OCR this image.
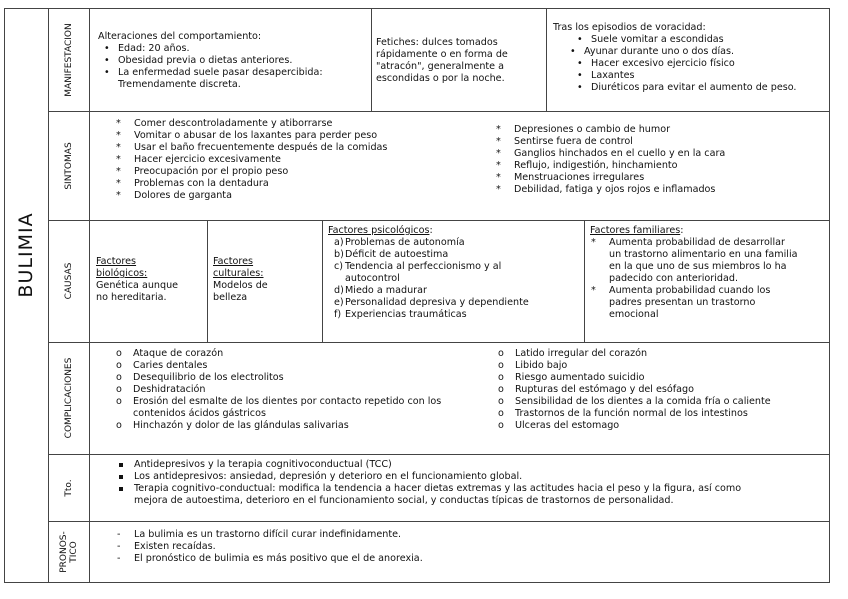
BULIMIA
MANIFESTACION
SINTOMAS
CAUSAS
COMPLICACIONES
Tto.
PRONOS- TICO
Alteraciones del comportamiento:
• Edad: 20 años.
• Obesidad previa o dietas anteriores.
• La enfermedad suele pasar desapercibida:
Tremendamente discreta.
Fetiches: dulces tomados
rápidamente o en forma de
"atracón", generalmente a
escondidas o por la noche.
Tras los episodios de voracidad:
• Suele vomitar a escondidas
• Ayunar durante uno o dos días.
• Hacer excesivo ejercicio físico
• Laxantes
• Diuréticos para evitar el aumento de peso.
* Comer descontroladamente y atiborrarse
* Vomitar o abusar de los laxantes para perder peso
* Usar el baño frecuentemente después de la comidas
* Hacer ejercicio excesivamente
* Preocupación por el propio peso
* Problemas con la dentadura
* Dolores de garganta
* Depresiones o cambio de humor
* Sentirse fuera de control
* Ganglios hinchados en el cuello y en la cara
* Reflujo, indigestión, hinchamiento
* Menstruaciones irregulares
* Debilidad, fatiga y ojos rojos e inflamados
Factores
biológicos:
Genética aunque
no hereditaria.
Factores
culturales:
Modelos de
belleza
Factores psicológicos:
a) Problemas de autonomía
b) Déficit de autoestima
c) Tendencia al perfeccionismo y al
autocontrol
d) Miedo a madurar
e) Personalidad depresiva y dependiente
f) Experiencias traumáticas
Factores familiares:
* Aumenta probabilidad de desarrollar
un trastorno alimentario en una familia
en la que uno de sus miembros lo ha
padecido con anterioridad.
* Aumenta probabilidad cuando los
padres presentan un trastorno
emocional
o Ataque de corazón
o Caries dentales
o Desequilibrio de los electrolitos
o Deshidratación
o Erosión del esmalte de los dientes por contacto repetido con los
contenidos ácidos gástricos
o Hinchazón y dolor de las glándulas salivarias
o Latido irregular del corazón
o Libido bajo
o Riesgo aumentado suicidio
o Rupturas del estómago y del esófago
o Sensibilidad de los dientes a la comida fría o caliente
o Trastornos de la función normal de los intestinos
o Ulceras del estomago
Antidepresivos y la terapia cognitivoconductual (TCC)
Los antidepresivos: ansiedad, depresión y deterioro en el funcionamiento global.
Terapia cognitivo-conductual: modifica la tendencia a hacer dietas extremas y las actitudes hacia el peso y la figura, así como
mejora de autoestima, deterioro en el funcionamiento social, y conductas típicas de trastornos de personalidad.
- La bulimia es un trastorno difícil curar indefinidamente.
- Existen recaídas.
- El pronóstico de bulimia es más positivo que el de anorexia.
